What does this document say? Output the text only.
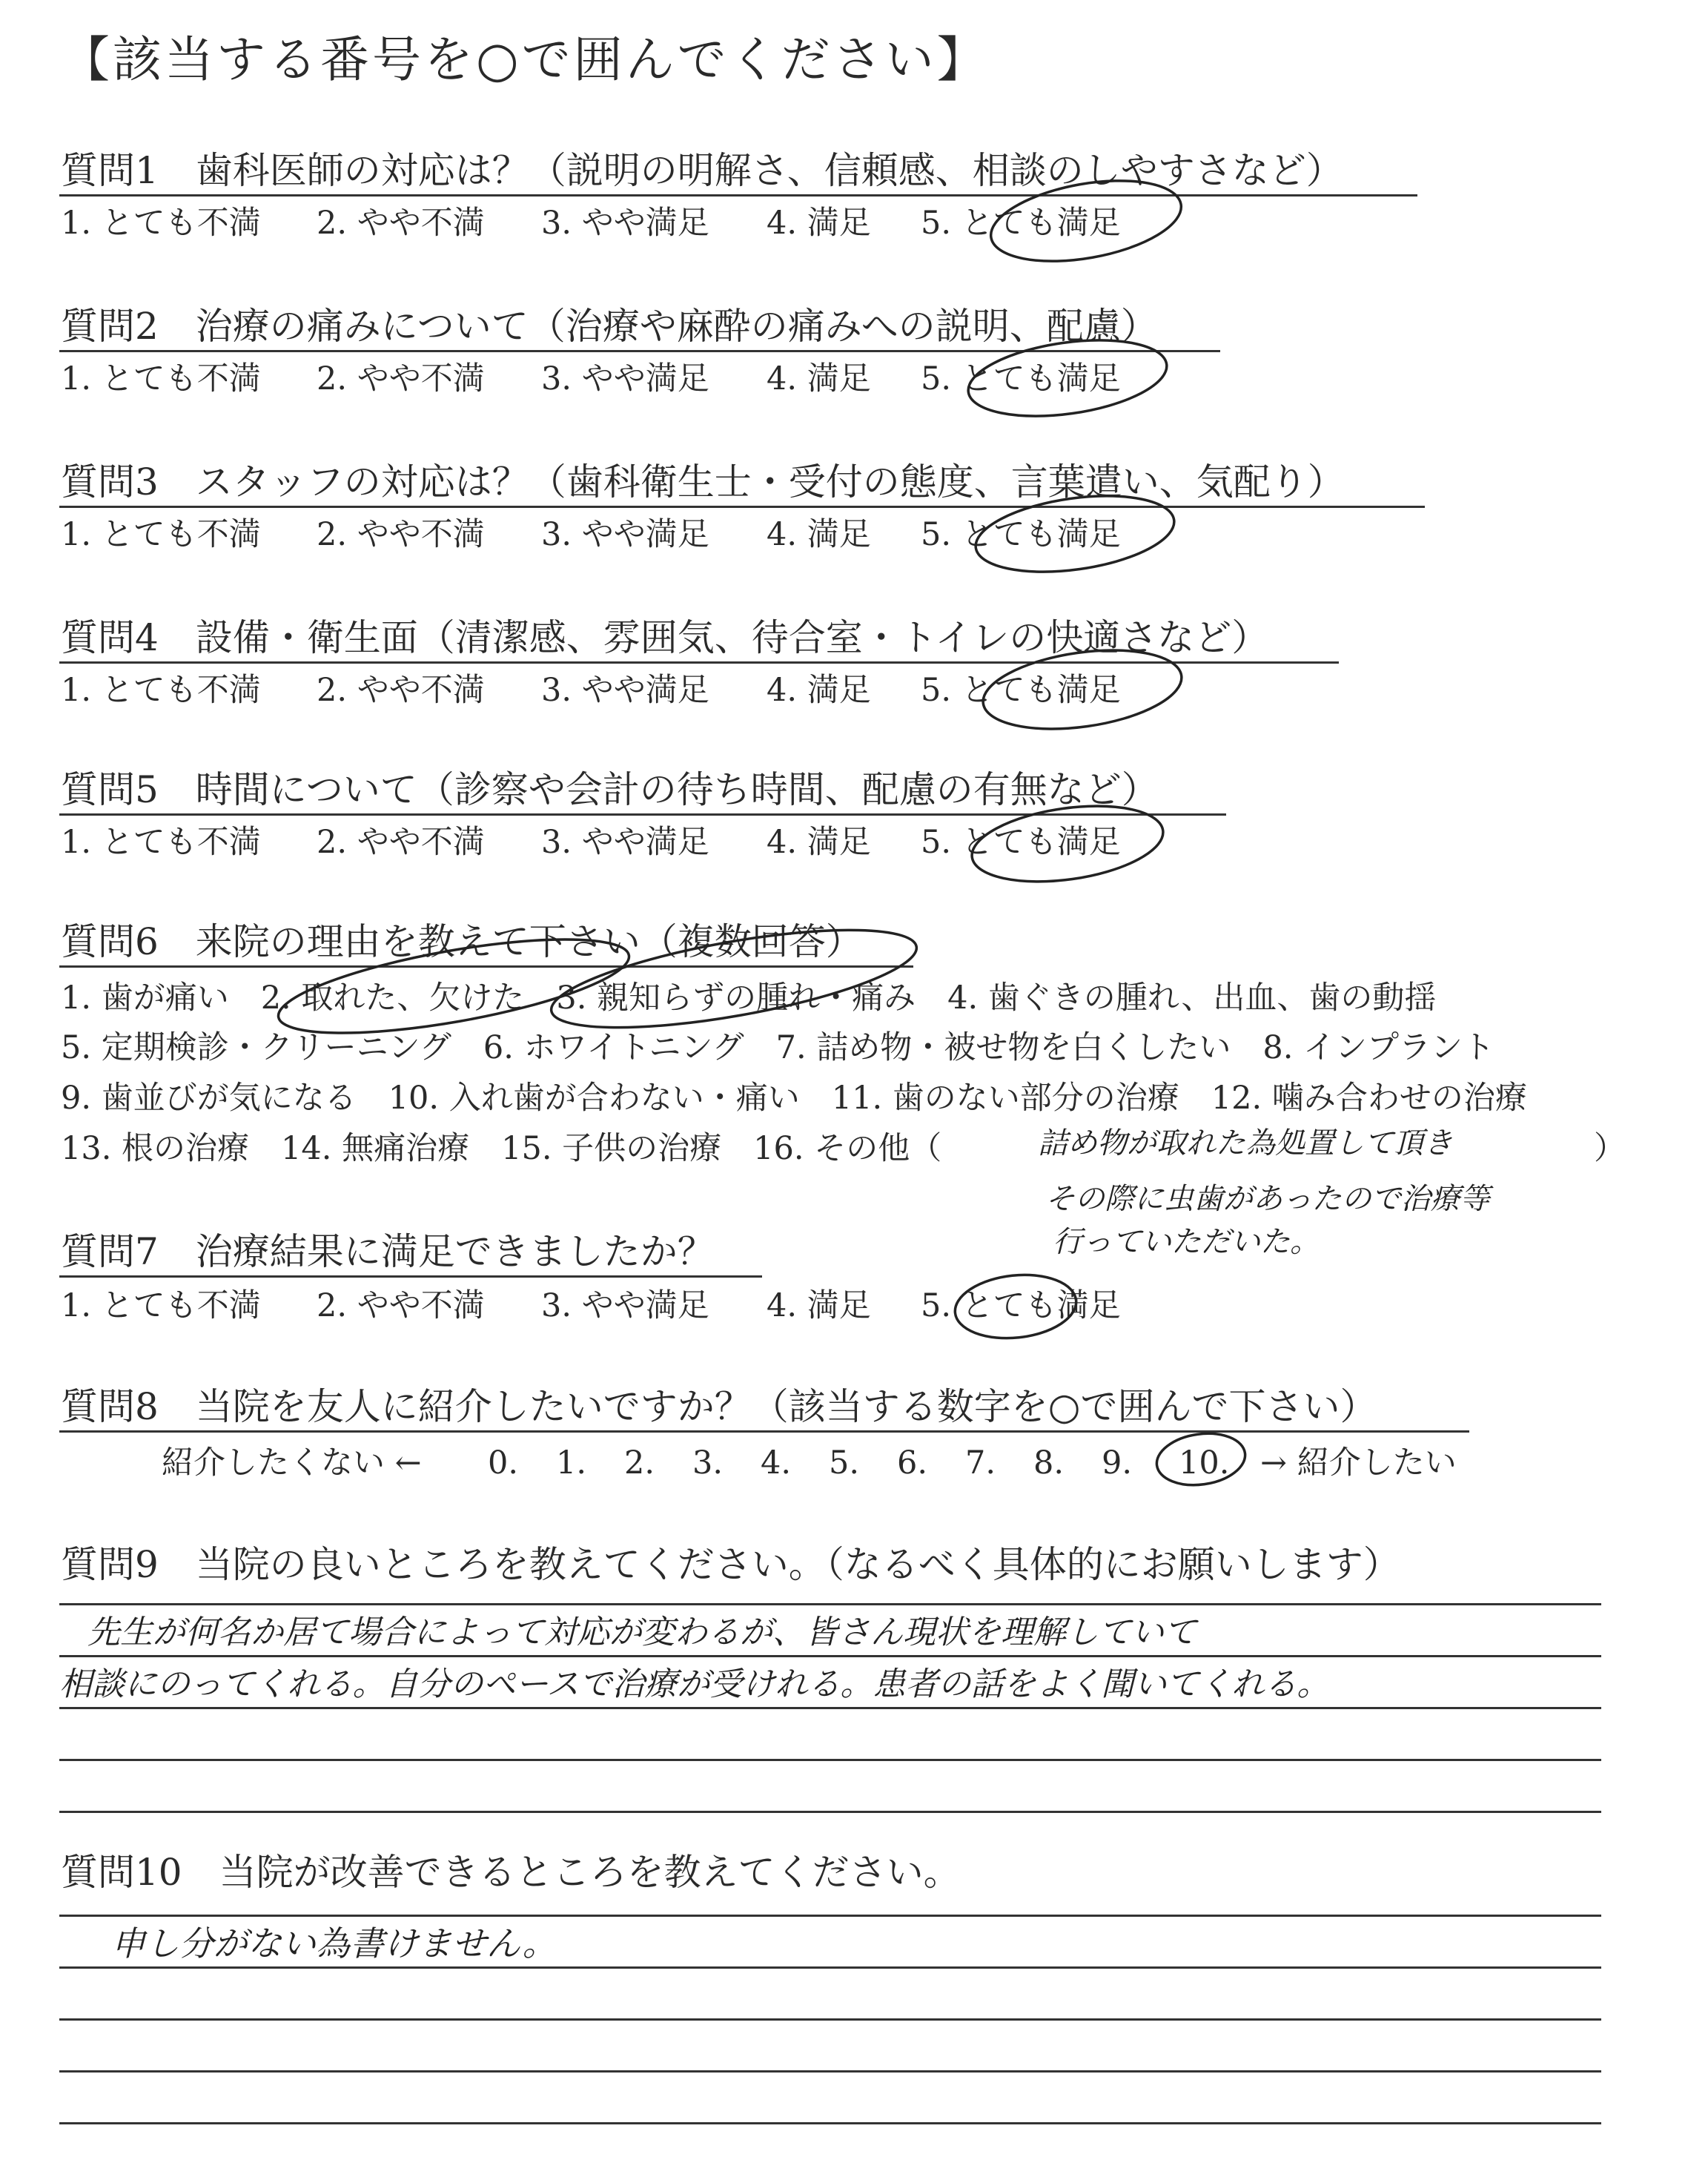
【該当する番号を○で囲んでください】
質問1　歯科医師の対応は？（説明の明解さ、信頼感、相談のしやすさなど）
1. とても不満 2. やや不満 3. やや満足 4. 満足 5. とても満足
質問2　治療の痛みについて（治療や麻酔の痛みへの説明、配慮）
1. とても不満 2. やや不満 3. やや満足 4. 満足 5. とても満足
質問3　スタッフの対応は？（歯科衛生士・受付の態度、言葉遣い、気配り）
1. とても不満 2. やや不満 3. やや満足 4. 満足 5. とても満足
質問4　設備・衛生面（清潔感、雰囲気、待合室・トイレの快適さなど）
1. とても不満 2. やや不満 3. やや満足 4. 満足 5. とても満足
質問5　時間について（診察や会計の待ち時間、配慮の有無など）
1. とても不満 2. やや不満 3. やや満足 4. 満足 5. とても満足
質問6　来院の理由を教えて下さい（複数回答）
1. 歯が痛い　2. 取れた、欠けた　3. 親知らずの腫れ・痛み　4. 歯ぐきの腫れ、出血、歯の動揺
5. 定期検診・クリーニング　6. ホワイトニング　7. 詰め物・被せ物を白くしたい　8. インプラント
9. 歯並びが気になる　10. 入れ歯が合わない・痛い　11. 歯のない部分の治療　12. 噛み合わせの治療
13. 根の治療　14. 無痛治療　15. 子供の治療　16. その他（	）
詰め物が取れた為処置して頂き
その際に虫歯があったので治療等
行っていただいた。
質問7　治療結果に満足できましたか？
1. とても不満 2. やや不満 3. やや満足 4. 満足 5. とても満足
質問8　当院を友人に紹介したいですか？（該当する数字を○で囲んで下さい）
紹介したくない ← 0. 1. 2. 3. 4. 5. 6. 7. 8. 9. 10. → 紹介したい
質問9　当院の良いところを教えてください。（なるべく具体的にお願いします）
先生が何名か居て場合によって対応が変わるが、皆さん現状を理解していて
相談にのってくれる。自分のペースで治療が受けれる。患者の話をよく聞いてくれる。
質問10　当院が改善できるところを教えてください。
申し分がない為書けません。
